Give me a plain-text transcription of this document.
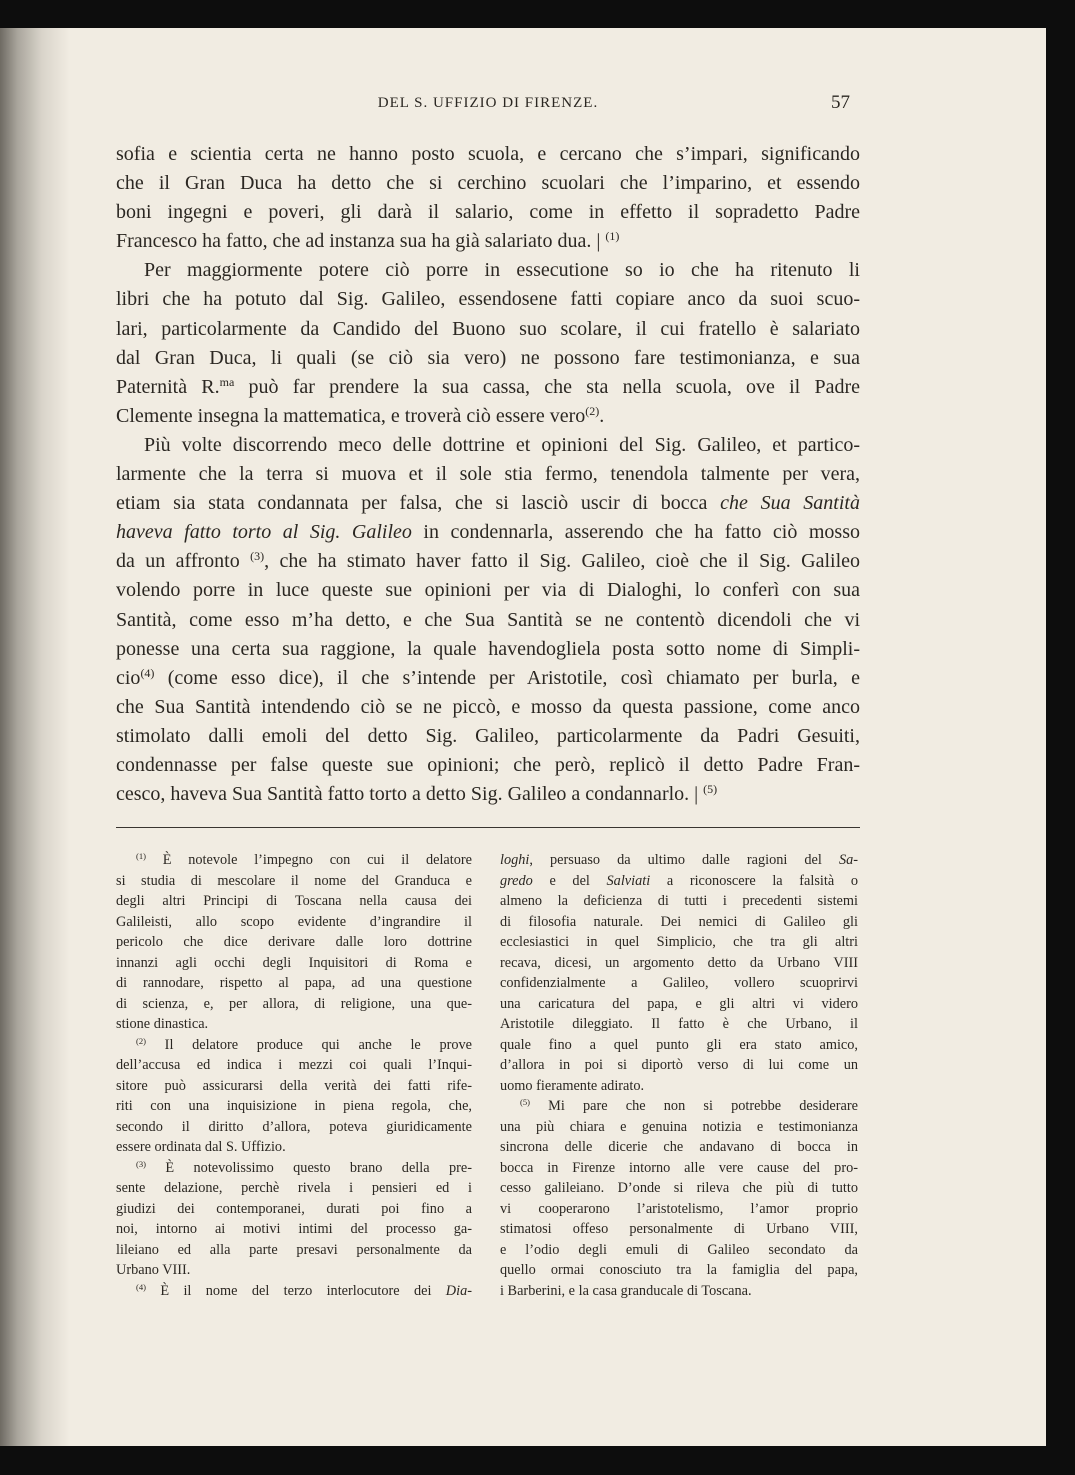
DEL S. UFFIZIO DI FIRENZE.	57
sofia e scientia certa ne hanno posto scuola, e cercano che s’impari, significando
che il Gran Duca ha detto che si cerchino scuolari che l’imparino, et essendo
boni ingegni e poveri, gli darà il salario, come in effetto il sopradetto Padre
Francesco ha fatto, che ad instanza sua ha già salariato dua. | $^{(1)}$
Per maggiormente potere ciò porre in essecutione so io che ha ritenuto li
libri che ha potuto dal Sig. Galileo, essendosene fatti copiare anco da suoi scuo-
lari, particolarmente da Candido del Buono suo scolare, il cui fratello è salariato
dal Gran Duca, li quali (se ciò sia vero) ne possono fare testimonianza, e sua
Paternità R.$^{ma}$ può far prendere la sua cassa, che sta nella scuola, ove il Padre
Clemente insegna la mattematica, e troverà ciò essere vero$^{(2)}$.
Più volte discorrendo meco delle dottrine et opinioni del Sig. Galileo, et partico-
larmente che la terra si muova et il sole stia fermo, tenendola talmente per vera,
etiam sia stata condannata per falsa, che si lasciò uscir di bocca che Sua Santità
haveva fatto torto al Sig. Galileo in condennarla, asserendo che ha fatto ciò mosso
da un affronto $^{(3)}$, che ha stimato haver fatto il Sig. Galileo, cioè che il Sig. Galileo
volendo porre in luce queste sue opinioni per via di Dialoghi, lo conferì con sua
Santità, come esso m’ha detto, e che Sua Santità se ne contentò dicendoli che vi
ponesse una certa sua raggione, la quale havendogliela posta sotto nome di Simpli-
cio$^{(4)}$ (come esso dice), il che s’intende per Aristotile, così chiamato per burla, e
che Sua Santità intendendo ciò se ne piccò, e mosso da questa passione, come anco
stimolato dalli emoli del detto Sig. Galileo, particolarmente da Padri Gesuiti,
condennasse per false queste sue opinioni; che però, replicò il detto Padre Fran-
cesco, haveva Sua Santità fatto torto a detto Sig. Galileo a condannarlo. | $^{(5)}$
$^{(1)}$ È notevole l’impegno con cui il delatore
si studia di mescolare il nome del Granduca e
degli altri Principi di Toscana nella causa dei
Galileisti, allo scopo evidente d’ingrandire il
pericolo che dice derivare dalle loro dottrine
innanzi agli occhi degli Inquisitori di Roma e
di rannodare, rispetto al papa, ad una questione
di scienza, e, per allora, di religione, una que-
stione dinastica.
$^{(2)}$ Il delatore produce qui anche le prove
dell’accusa ed indica i mezzi coi quali l’Inqui-
sitore può assicurarsi della verità dei fatti rife-
riti con una inquisizione in piena regola, che,
secondo il diritto d’allora, poteva giuridicamente
essere ordinata dal S. Uffizio.
$^{(3)}$ È notevolissimo questo brano della pre-
sente delazione, perchè rivela i pensieri ed i
giudizi dei contemporanei, durati poi fino a
noi, intorno ai motivi intimi del processo ga-
lileiano ed alla parte presavi personalmente da
Urbano VIII.
$^{(4)}$ È il nome del terzo interlocutore dei Dia-
loghi, persuaso da ultimo dalle ragioni del Sa-
gredo e del Salviati a riconoscere la falsità o
almeno la deficienza di tutti i precedenti sistemi
di filosofia naturale. Dei nemici di Galileo gli
ecclesiastici in quel Simplicio, che tra gli altri
recava, dicesi, un argomento detto da Urbano VIII
confidenzialmente a Galileo, vollero scuoprirvi
una caricatura del papa, e gli altri vi videro
Aristotile dileggiato. Il fatto è che Urbano, il
quale fino a quel punto gli era stato amico,
d’allora in poi si diportò verso di lui come un
uomo fieramente adirato.
$^{(5)}$ Mi pare che non si potrebbe desiderare
una più chiara e genuina notizia e testimonianza
sincrona delle dicerie che andavano di bocca in
bocca in Firenze intorno alle vere cause del pro-
cesso galileiano. D’onde si rileva che più di tutto
vi cooperarono l’aristotelismo, l’amor proprio
stimatosi offeso personalmente di Urbano VIII,
e l’odio degli emuli di Galileo secondato da
quello ormai conosciuto tra la famiglia del papa,
i Barberini, e la casa granducale di Toscana.
